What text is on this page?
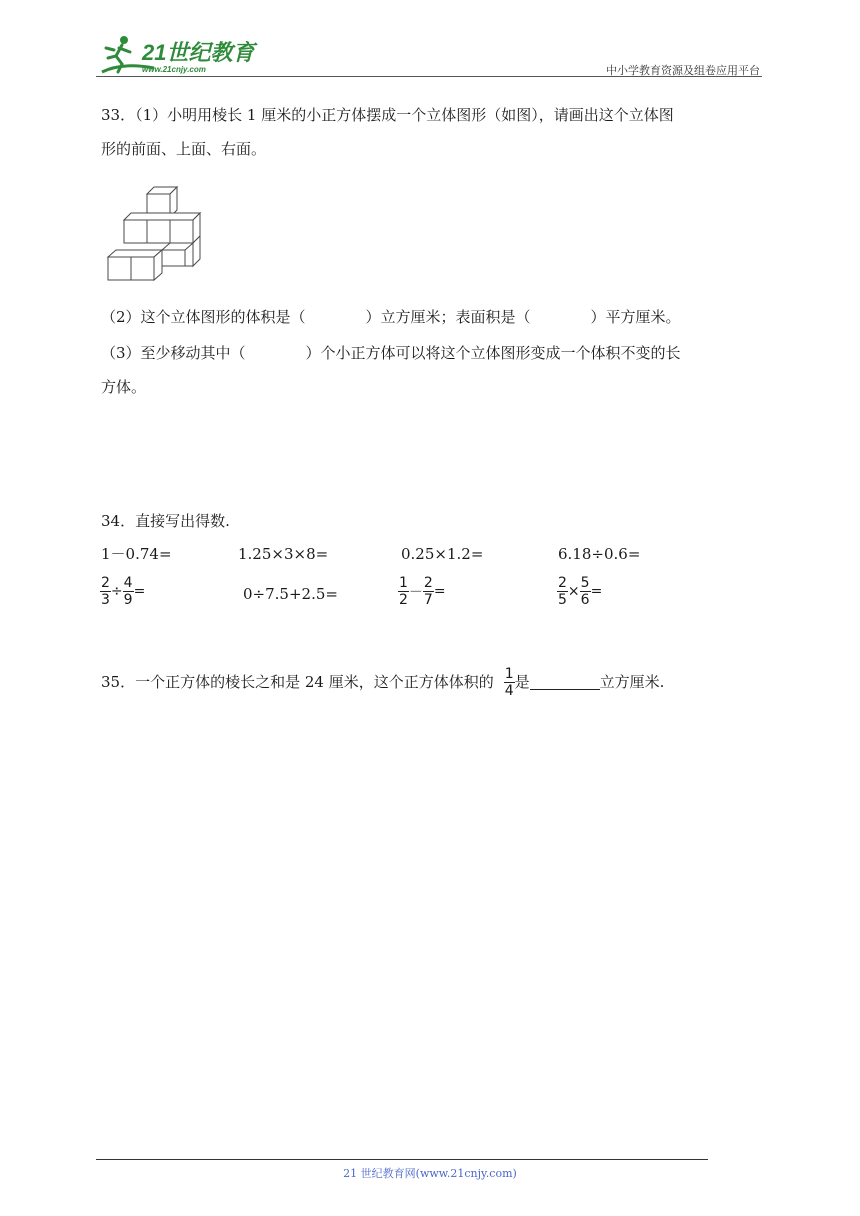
21世纪教育
www.21cnjy.com	中小学教育资源及组卷应用平台
33．（1）小明用棱长 1 厘米的小正方体摆成一个立体图形（如图），请画出这个立体图
形的前面、上面、右面。
（2）这个立体图形的体积是（　　　　）立方厘米；表面积是（　　　　）平方厘米。
（3）至少移动其中（　　　　）个小正方体可以将这个立体图形变成一个体积不变的长
方体。
34．直接写出得数.
1－0.74=	1.25×3×8=	0.25×1.2=	6.18÷0.6=
$\frac{2}{3} \div \frac{4}{9}$ =	0÷7.5+2.5=	$\frac{1}{2} - \frac{2}{7}$ =	$\frac{2}{5} \times \frac{5}{6}$ =
35．一个正方体的棱长之和是 24 厘米，这个正方体体积的 $\frac{1}{4}$ 是	立方厘米.
21 世纪教育网(www.21cnjy.com)
